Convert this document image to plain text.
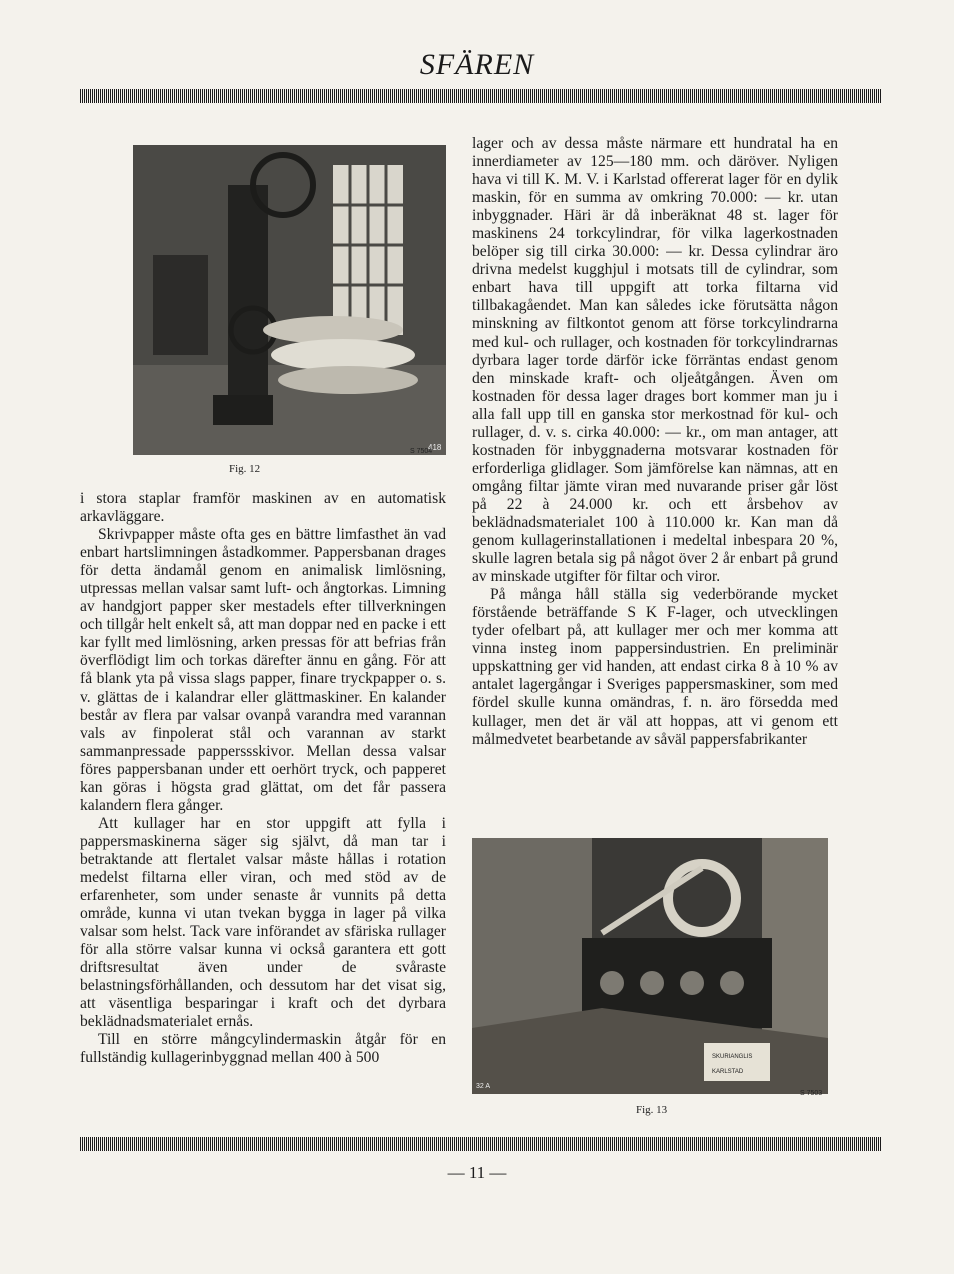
SFÄREN
418
Fig. 12
S 7504

i stora staplar framför maskinen av en automatisk arkavläggare.

Skrivpapper måste ofta ges en bättre limfasthet än vad enbart hartslimningen åstadkommer. Pappersbanan drages för detta ändamål genom en animalisk limlösning, utpressas mellan valsar samt luft- och ångtorkas. Limning av handgjort papper sker mestadels efter tillverkningen och tillgår helt enkelt så, att man doppar ned en packe i ett kar fyllt med limlösning, arken pressas för att befrias från överflödigt lim och torkas därefter ännu en gång. För att få blank yta på vissa slags papper, finare tryckpapper o. s. v. glättas de i kalandrar eller glättmaskiner. En kalander består av flera par valsar ovanpå varandra med varannan vals av finpolerat stål och varannan av starkt sammanpressade papperssskivor. Mellan dessa valsar föres pappersbanan under ett oerhört tryck, och papperet kan göras i högsta grad glättat, om det får passera kalandern flera gånger.

Att kullager har en stor uppgift att fylla i pappersmaskinerna säger sig självt, då man tar i betraktande att flertalet valsar måste hållas i rotation medelst filtarna eller viran, och med stöd av de erfarenheter, som under senaste år vunnits på detta område, kunna vi utan tvekan bygga in lager på vilka valsar som helst. Tack vare införandet av sfäriska rullager för alla större valsar kunna vi också garantera ett gott driftsresultat även under de svåraste belastningsförhållanden, och dessutom har det visat sig, att väsentliga besparingar i kraft och det dyrbara beklädnadsmaterialet ernås.

Till en större mångcylindermaskin åtgår för en fullständig kullagerinbyggnad mellan 400 à 500

lager och av dessa måste närmare ett hundratal ha en innerdiameter av 125—180 mm. och däröver. Nyligen hava vi till K. M. V. i Karlstad offererat lager för en dylik maskin, för en summa av omkring 70.000: — kr. utan inbyggnader. Häri är då inberäknat 48 st. lager för maskinens 24 torkcylindrar, för vilka lagerkostnaden belöper sig till cirka 30.000: — kr. Dessa cylindrar äro drivna medelst kugghjul i motsats till de cylindrar, som enbart hava till uppgift att torka filtarna vid tillbakagåendet. Man kan således icke förutsätta någon minskning av filtkontot genom att förse torkcylindrarna med kul- och rullager, och kostnaden för torkcylindrarnas dyrbara lager torde därför icke förräntas endast genom den minskade kraft- och oljeåtgången. Även om kostnaden för dessa lager drages bort kommer man ju i alla fall upp till en ganska stor merkostnad för kul- och rullager, d. v. s. cirka 40.000: — kr., om man antager, att kostnaden för inbyggnaderna motsvarar kostnaden för erforderliga glidlager. Som jämförelse kan nämnas, att en omgång filtar jämte viran med nuvarande priser går löst på 22 à 24.000 kr. och ett årsbehov av beklädnadsmaterialet 100 à 110.000 kr. Kan man då genom kullagerinstallationen i medeltal inbespara 20 %, skulle lagren betala sig på något över 2 år enbart på grund av minskade utgifter för filtar och viror.

På många håll ställa sig vederbörande mycket förstående beträffande S K F-lager, och utvecklingen tyder ofelbart på, att kullager mer och mer komma att vinna insteg inom pappersindustrien. En preliminär uppskattning ger vid handen, att endast cirka 8 à 10 % av antalet lagergångar i Sveriges pappersmaskiner, som med fördel skulle kunna omändras, f. n. äro försedda med kullager, men det är väl att hoppas, att vi genom ett målmedvetet bearbetande av såväl pappersfabrikanter

SKURIANGLIS
KARLSTAD
32 A
Fig. 13
S 7503
— 11 —
